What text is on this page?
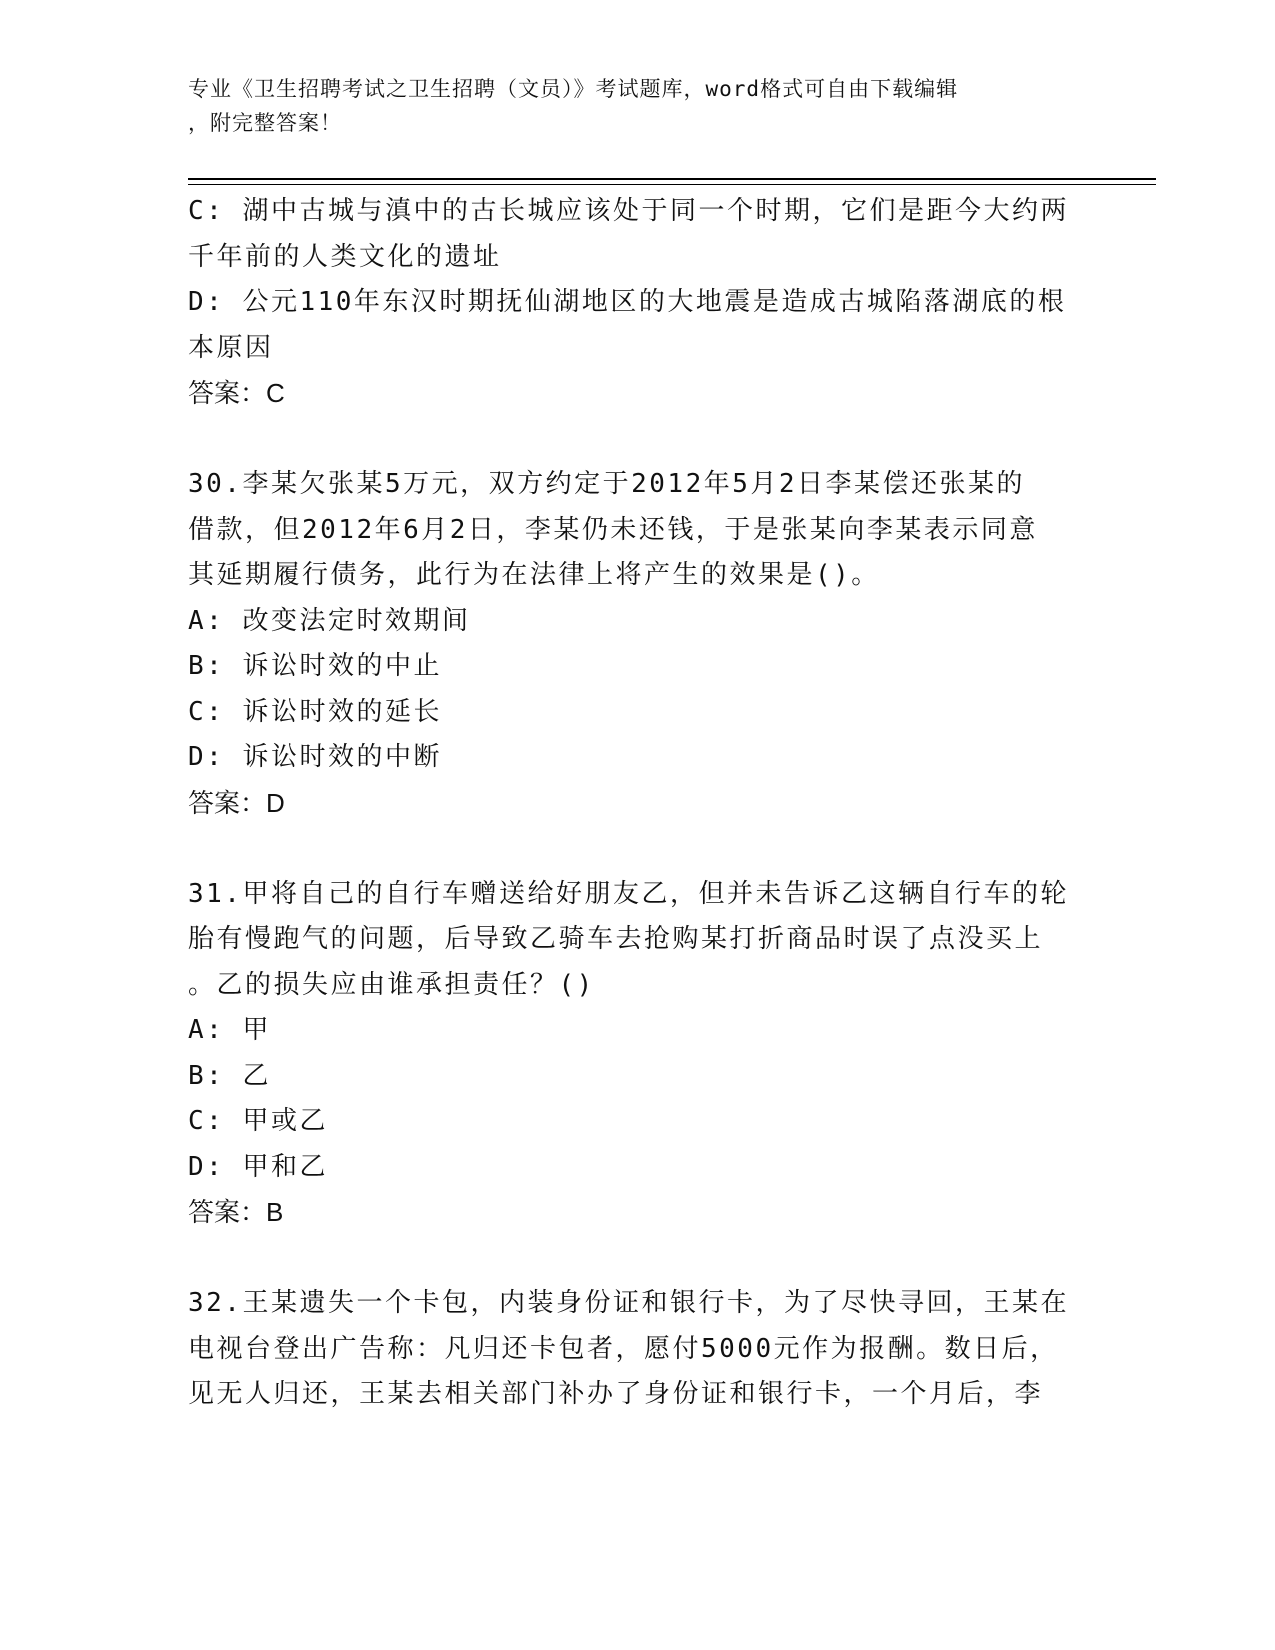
专业《卫生招聘考试之卫生招聘（文员）》考试题库，word格式可自由下载编辑
，附完整答案！
C: 湖中古城与滇中的古长城应该处于同一个时期，它们是距今大约两
千年前的人类文化的遗址
D: 公元110年东汉时期抚仙湖地区的大地震是造成古城陷落湖底的根
本原因
答案：C
30.李某欠张某5万元，双方约定于2012年5月2日李某偿还张某的
借款，但2012年6月2日，李某仍未还钱，于是张某向李某表示同意
其延期履行债务，此行为在法律上将产生的效果是()。
A: 改变法定时效期间
B: 诉讼时效的中止
C: 诉讼时效的延长
D: 诉讼时效的中断
答案：D
31.甲将自己的自行车赠送给好朋友乙，但并未告诉乙这辆自行车的轮
胎有慢跑气的问题，后导致乙骑车去抢购某打折商品时误了点没买上
。乙的损失应由谁承担责任？()
A: 甲
B: 乙
C: 甲或乙
D: 甲和乙
答案：B
32.王某遗失一个卡包，内装身份证和银行卡，为了尽快寻回，王某在
电视台登出广告称：凡归还卡包者，愿付5000元作为报酬。数日后，
见无人归还，王某去相关部门补办了身份证和银行卡，一个月后，李
